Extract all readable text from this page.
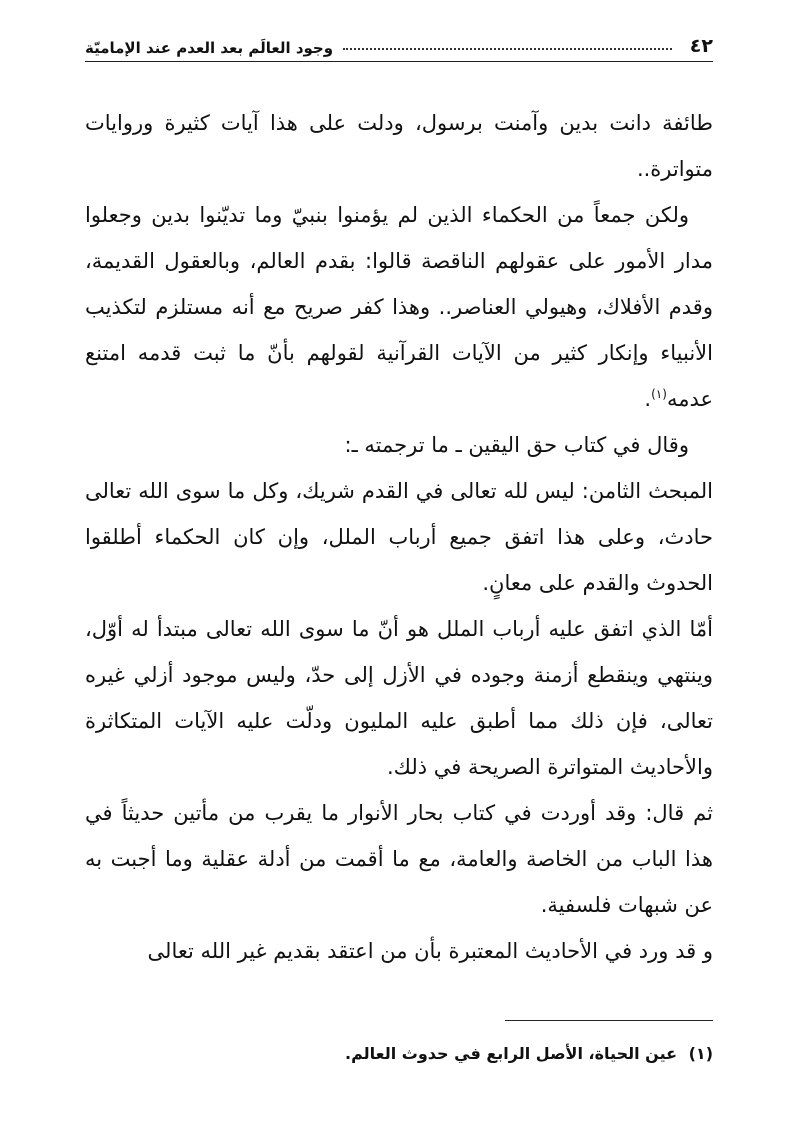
٤٢
وجود العالَم بعد العدم عند الإماميّة

طائفة دانت بدين وآمنت برسول، ودلت على هذا آيات كثيرة وروايات متواترة..

ولكن جمعاً من الحكماء الذين لم يؤمنوا بنبيّ وما تديّنوا بدين وجعلوا مدار الأمور على عقولهم الناقصة قالوا: بقدم العالم، وبالعقول القديمة، وقدم الأفلاك، وهيولي العناصر.. وهذا كفر صريح مع أنه مستلزم لتكذيب الأنبياء وإنكار كثير من الآيات القرآنية لقولهم بأنّ ما ثبت قدمه امتنع عدمه$^{(١)}$.

وقال في كتاب حق اليقين ـ ما ترجمته ـ:

المبحث الثامن: ليس لله تعالى في القدم شريك، وكل ما سوى الله تعالى حادث، وعلى هذا اتفق جميع أرباب الملل، وإن كان الحكماء أطلقوا الحدوث والقدم على معانٍ.

أمّا الذي اتفق عليه أرباب الملل هو أنّ ما سوى الله تعالى مبتدأ له أوّل، وينتهي وينقطع أزمنة وجوده في الأزل إلى حدّ، وليس موجود أزلي غيره تعالى، فإن ذلك مما أطبق عليه المليون ودلّت عليه الآيات المتكاثرة والأحاديث المتواترة الصريحة في ذلك.

ثم قال: وقد أوردت في كتاب بحار الأنوار ما يقرب من مأتين حديثاً في هذا الباب من الخاصة والعامة، مع ما أقمت من أدلة عقلية وما أجبت به عن شبهات فلسفية.

و قد ورد في الأحاديث المعتبرة بأن من اعتقد بقديم غير الله تعالى

(١) عين الحياة، الأصل الرابع في حدوث العالم.
